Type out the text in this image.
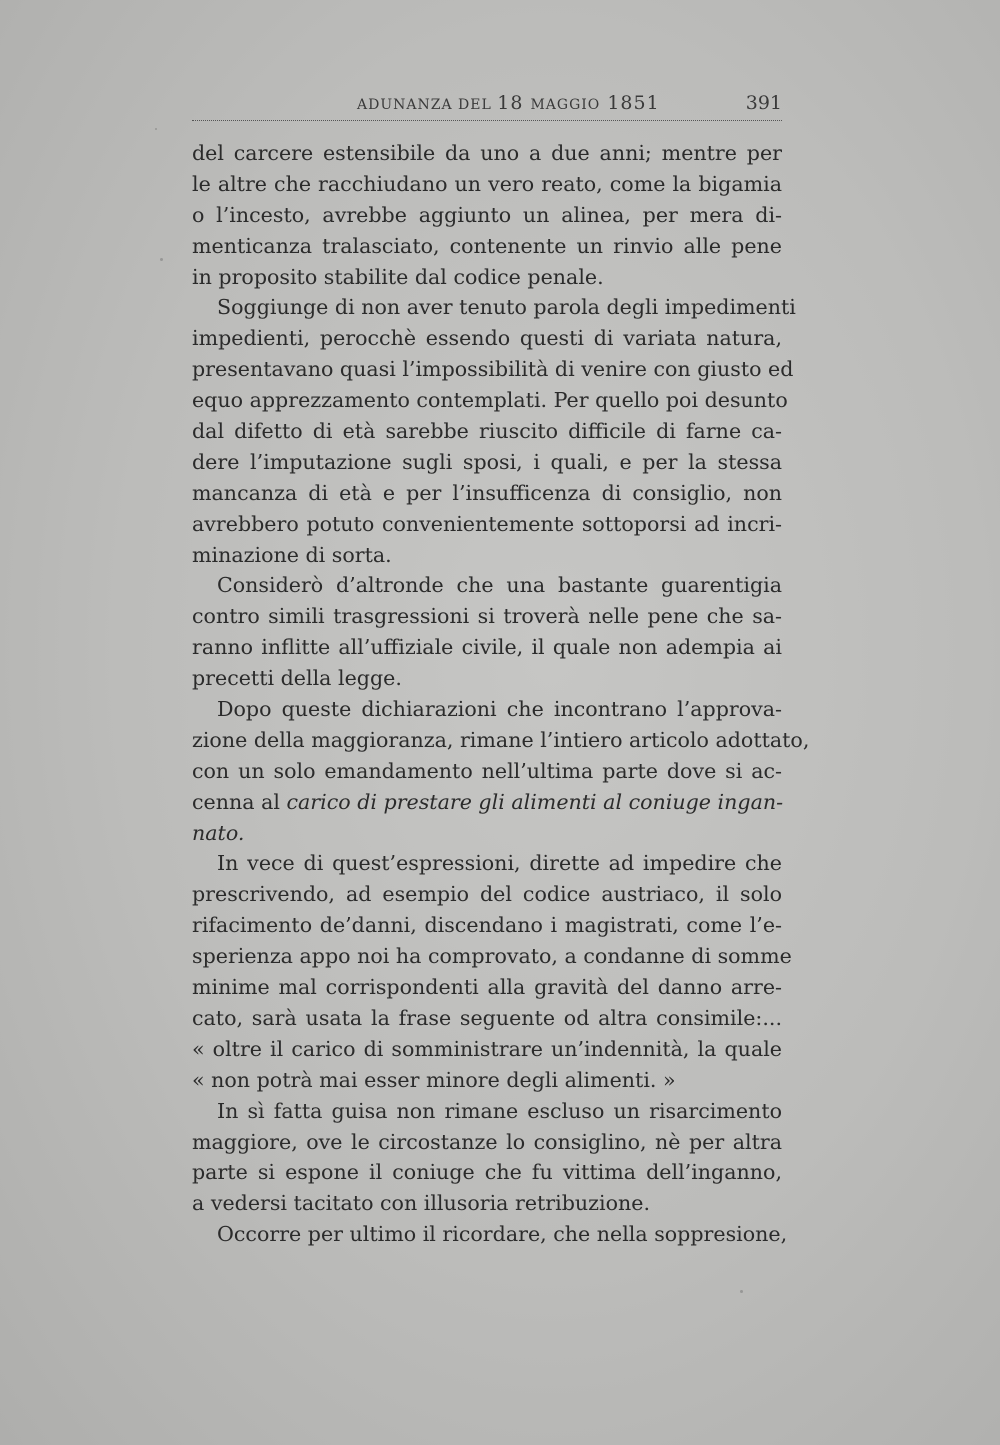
ADUNANZA DEL 18 MAGGIO 1851	391
del carcere estensibile da uno a due anni; mentre per
le altre che racchiudano un vero reato, come la bigamia
o l’incesto, avrebbe aggiunto un alinea, per mera di-
menticanza tralasciato, contenente un rinvio alle pene
in proposito stabilite dal codice penale.
Soggiunge di non aver tenuto parola degli impedimenti
impedienti, perocchè essendo questi di variata natura,
presentavano quasi l’impossibilità di venire con giusto ed
equo apprezzamento contemplati. Per quello poi desunto
dal difetto di età sarebbe riuscito difficile di farne ca-
dere l’imputazione sugli sposi, i quali, e per la stessa
mancanza di età e per l’insufficenza di consiglio, non
avrebbero potuto convenientemente sottoporsi ad incri-
minazione di sorta.
Considerò d’altronde che una bastante guarentigia
contro simili trasgressioni si troverà nelle pene che sa-
ranno inflitte all’uffiziale civile, il quale non adempia ai
precetti della legge.
Dopo queste dichiarazioni che incontrano l’approva-
zione della maggioranza, rimane l’intiero articolo adottato,
con un solo emandamento nell’ultima parte dove si ac-
cenna al carico di prestare gli alimenti al coniuge ingan-
nato.
In vece di quest’espressioni, dirette ad impedire che
prescrivendo, ad esempio del codice austriaco, il solo
rifacimento de’danni, discendano i magistrati, come l’e-
sperienza appo noi ha comprovato, a condanne di somme
minime mal corrispondenti alla gravità del danno arre-
cato, sarà usata la frase seguente od altra consimile:...
« oltre il carico di somministrare un’indennità, la quale
« non potrà mai esser minore degli alimenti. »
In sì fatta guisa non rimane escluso un risarcimento
maggiore, ove le circostanze lo consiglino, nè per altra
parte si espone il coniuge che fu vittima dell’inganno,
a vedersi tacitato con illusoria retribuzione.
Occorre per ultimo il ricordare, che nella soppresione,
